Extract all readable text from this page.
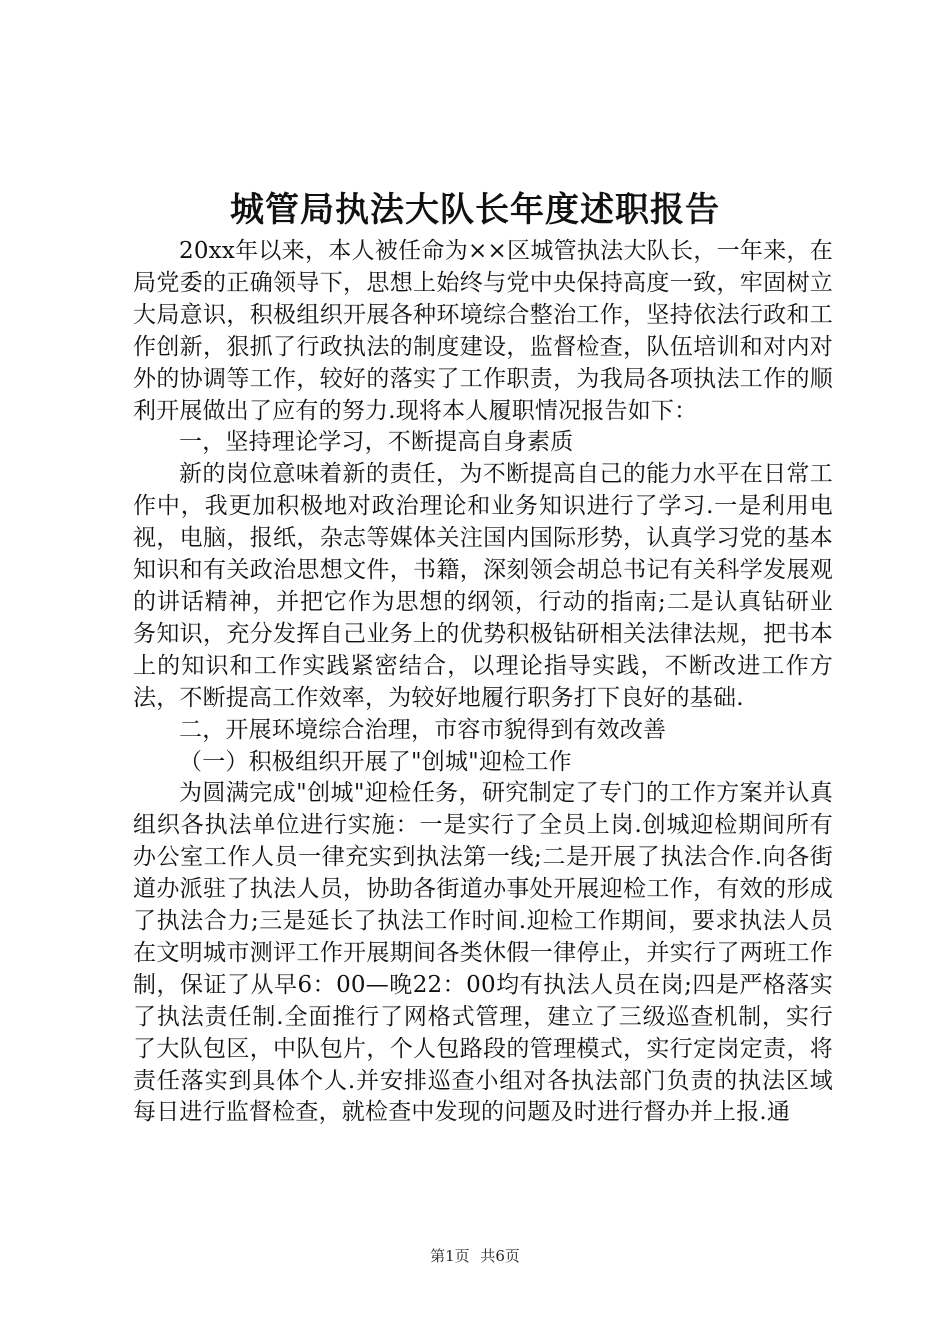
城管局执法大队长年度述职报告

20xx年以来，本人被任命为××区城管执法大队长，一年来，在局党委的正确领导下，思想上始终与党中央保持高度一致，牢固树立大局意识，积极组织开展各种环境综合整治工作，坚持依法行政和工作创新，狠抓了行政执法的制度建设，监督检查，队伍培训和对内对外的协调等工作，较好的落实了工作职责，为我局各项执法工作的顺利开展做出了应有的努力.现将本人履职情况报告如下：

一，坚持理论学习，不断提高自身素质

新的岗位意味着新的责任，为不断提高自己的能力水平在日常工作中，我更加积极地对政治理论和业务知识进行了学习.一是利用电视，电脑，报纸，杂志等媒体关注国内国际形势，认真学习党的基本知识和有关政治思想文件，书籍，深刻领会胡总书记有关科学发展观的讲话精神，并把它作为思想的纲领，行动的指南;二是认真钻研业务知识，充分发挥自己业务上的优势积极钻研相关法律法规，把书本上的知识和工作实践紧密结合，以理论指导实践，不断改进工作方法，不断提高工作效率，为较好地履行职务打下良好的基础.

二，开展环境综合治理，市容市貌得到有效改善

（一）积极组织开展了"创城"迎检工作

为圆满完成"创城"迎检任务，研究制定了专门的工作方案并认真组织各执法单位进行实施：一是实行了全员上岗.创城迎检期间所有办公室工作人员一律充实到执法第一线;二是开展了执法合作.向各街道办派驻了执法人员，协助各街道办事处开展迎检工作，有效的形成了执法合力;三是延长了执法工作时间.迎检工作期间，要求执法人员在文明城市测评工作开展期间各类休假一律停止，并实行了两班工作制，保证了从早6：00—晚22：00均有执法人员在岗;四是严格落实了执法责任制.全面推行了网格式管理，建立了三级巡查机制，实行了大队包区，中队包片，个人包路段的管理模式，实行定岗定责，将责任落实到具体个人.并安排巡查小组对各执法部门负责的执法区域每日进行监督检查，就检查中发现的问题及时进行督办并上报.通

第1页 共6页
